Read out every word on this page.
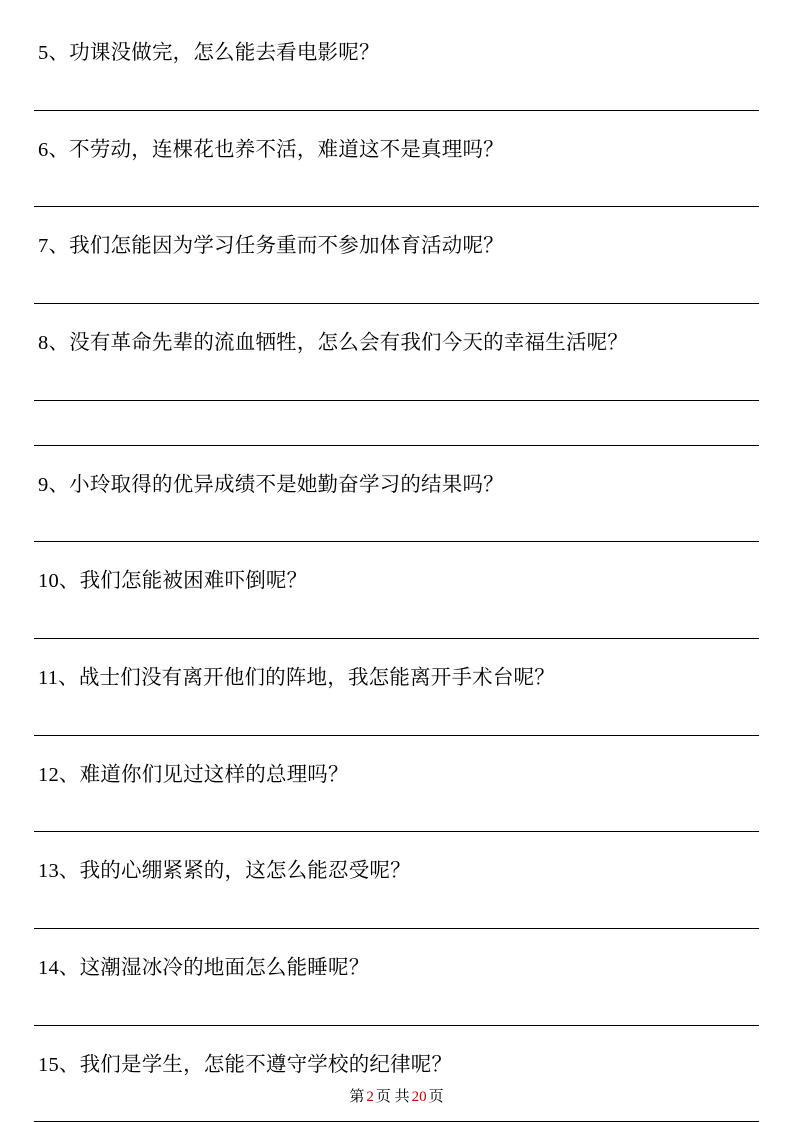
5、功课没做完，怎么能去看电影呢？
6、不劳动，连棵花也养不活，难道这不是真理吗？
7、我们怎能因为学习任务重而不参加体育活动呢？
8、没有革命先辈的流血牺牲，怎么会有我们今天的幸福生活呢？
9、小玲取得的优异成绩不是她勤奋学习的结果吗？
10、我们怎能被困难吓倒呢？
11、战士们没有离开他们的阵地，我怎能离开手术台呢？
12、难道你们见过这样的总理吗？
13、我的心绷紧紧的，这怎么能忍受呢？
14、这潮湿冰冷的地面怎么能睡呢？
15、我们是学生，怎能不遵守学校的纪律呢？
第 2 页 共 20 页
